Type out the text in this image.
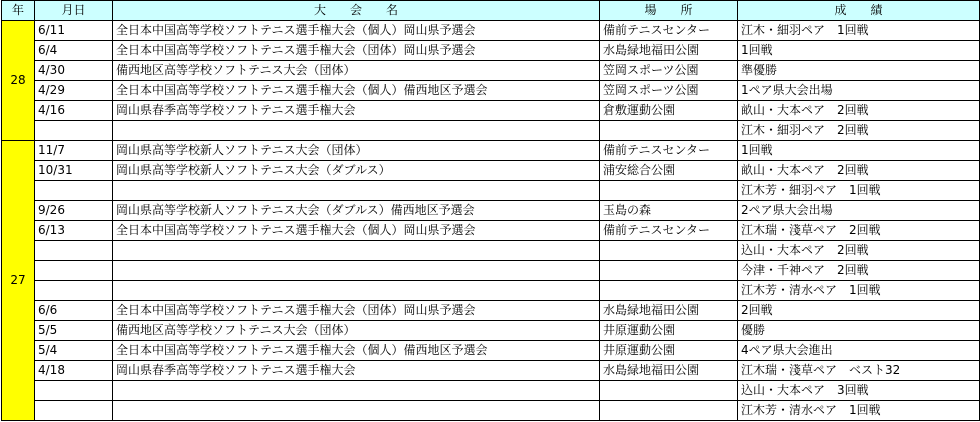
年	月日	大　　会　　名	場　　所	成　　績
28	6/11	全日本中国高等学校ソフトテニス選手権大会（個人）岡山県予選会	備前テニスセンター	江木・細羽ペア　1回戦
	6/4	全日本中国高等学校ソフトテニス選手権大会（団体）岡山県予選会	水島緑地福田公園	1回戦
	4/30	備西地区高等学校ソフトテニス大会（団体）	笠岡スポーツ公園	準優勝
	4/29	全日本中国高等学校ソフトテニス選手権大会（個人）備西地区予選会	笠岡スポーツ公園	1ペア県大会出場
	4/16	岡山県春季高等学校ソフトテニス選手権大会	倉敷運動公園	畝山・大本ペア　2回戦
				江木・細羽ペア　2回戦
27	11/7	岡山県高等学校新人ソフトテニス大会（団体）	備前テニスセンター	1回戦
	10/31	岡山県高等学校新人ソフトテニス大会（ダブルス）	浦安総合公園	畝山・大本ペア　2回戦
				江木芳・細羽ペア　1回戦
	9/26	岡山県高等学校新人ソフトテニス大会（ダブルス）備西地区予選会	玉島の森	2ペア県大会出場
	6/13	全日本中国高等学校ソフトテニス選手権大会（個人）岡山県予選会	備前テニスセンター	江木瑞・淺草ペア　2回戦
				込山・大本ペア　2回戦
				今津・千神ペア　2回戦
				江木芳・清水ペア　1回戦
	6/6	全日本中国高等学校ソフトテニス選手権大会（団体）岡山県予選会	水島緑地福田公園	2回戦
	5/5	備西地区高等学校ソフトテニス大会（団体）	井原運動公園	優勝
	5/4	全日本中国高等学校ソフトテニス選手権大会（個人）備西地区予選会	井原運動公園	4ペア県大会進出
	4/18	岡山県春季高等学校ソフトテニス選手権大会	水島緑地福田公園	江木瑞・淺草ペア　ベスト32
				込山・大本ペア　3回戦
				江木芳・清水ペア　1回戦
